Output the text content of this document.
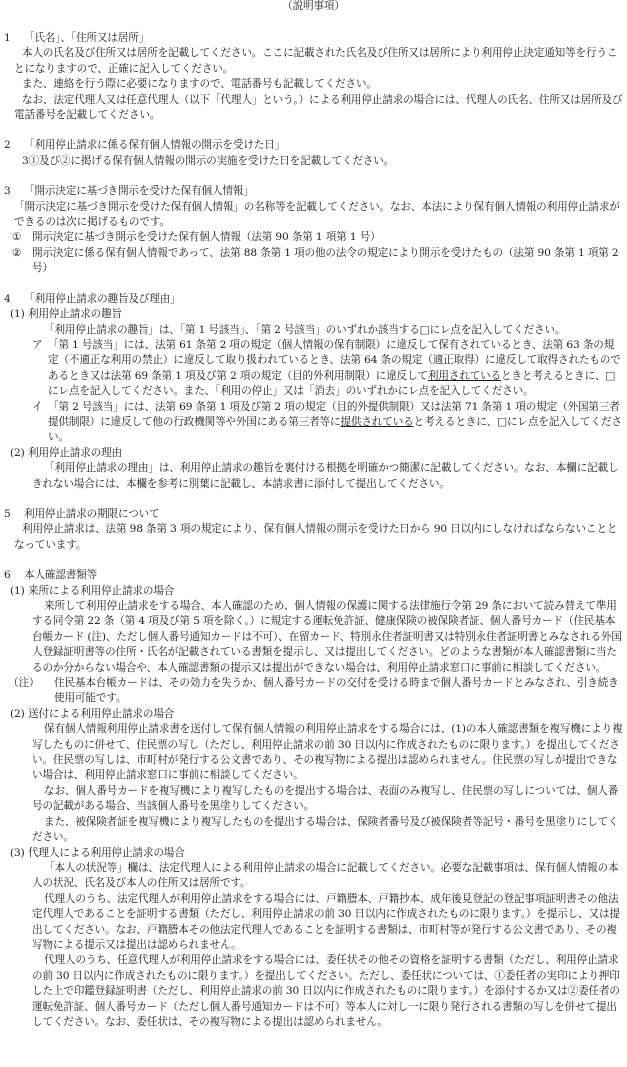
（説明事項）
1	「氏名」、「住所又は居所」
本人の氏名及び住所又は居所を記載してください。ここに記載された氏名及び住所又は居所により利用停止決定通知等を行うことになりますので、正確に記入してください。
また、連絡を行う際に必要になりますので、電話番号も記載してください。
なお、法定代理人又は任意代理人（以下「代理人」という。）による利用停止請求の場合には、代理人の氏名、住所又は居所及び電話番号を記載してください。
2	「利用停止請求に係る保有個人情報の開示を受けた日」
3①及び②に掲げる保有個人情報の開示の実施を受けた日を記載してください。
3	「開示決定に基づき開示を受けた保有個人情報」
「開示決定に基づき開示を受けた保有個人情報」の名称等を記載してください。なお、本法により保有個人情報の利用停止請求ができるのは次に掲げるものです。
①	開示決定に基づき開示を受けた保有個人情報（法第 90 条第 1 項第 1 号）
②	開示決定に係る保有個人情報であって、法第 88 条第 1 項の他の法令の規定により開示を受けたもの（法第 90 条第 1 項第 2 号）
4	「利用停止請求の趣旨及び理由」
(1) 利用停止請求の趣旨
「利用停止請求の趣旨」は、「第 1 号該当」、「第 2 号該当」のいずれか該当する□にレ点を記入してください。
ア 「第 1 号該当」には、法第 61 条第 2 項の規定（個人情報の保有制限）に違反して保有されているとき、法第 63 条の規定（不適正な利用の禁止）に違反して取り扱われているとき、法第 64 条の規定（適正取得）に違反して取得されたものであるとき又は法第 69 条第 1 項及び第 2 項の規定（目的外利用制限）に違反して利用されているときと考えるときに、□にレ点を記入してください。また、「利用の停止」又は「消去」のいずれかにレ点を記入してください。
イ 「第 2 号該当」には、法第 69 条第 1 項及び第 2 項の規定（目的外提供制限）又は法第 71 条第 1 項の規定（外国第三者提供制限）に違反して他の行政機関等や外国にある第三者等に提供されていると考えるときに、□にレ点を記入してください。
(2) 利用停止請求の理由
「利用停止請求の理由」は、利用停止請求の趣旨を裏付ける根拠を明確かつ簡潔に記載してください。なお、本欄に記載しきれない場合には、本欄を参考に別葉に記載し、本請求書に添付して提出してください。
5	利用停止請求の期限について
利用停止請求は、法第 98 条第 3 項の規定により、保有個人情報の開示を受けた日から 90 日以内にしなければならないこととなっています。
6	本人確認書類等
(1) 来所による利用停止請求の場合
来所して利用停止請求をする場合、本人確認のため、個人情報の保護に関する法律施行令第 29 条において読み替えて準用する同令第 22 条（第 4 項及び第 5 項を除く。）に規定する運転免許証、健康保険の被保険者証、個人番号カード（住民基本台帳カード (注)、ただし個人番号通知カードは不可）、在留カード、特別永住者証明書又は特別永住者証明書とみなされる外国人登録証明書等の住所・氏名が記載されている書類を提示し、又は提出してください。どのような書類が本人確認書類に当たるのか分からない場合や、本人確認書類の提示又は提出ができない場合は、利用停止請求窓口に事前に相談してください。
（注）	住民基本台帳カードは、その効力を失うか、個人番号カードの交付を受ける時まで個人番号カードとみなされ、引き続き使用可能です。
(2) 送付による利用停止請求の場合
保有個人情報利用停止請求書を送付して保有個人情報の利用停止請求をする場合には、(1)の本人確認書類を複写機により複写したものに併せて、住民票の写し（ただし、利用停止請求の前 30 日以内に作成されたものに限ります。）を提出してください。住民票の写しは、市町村が発行する公文書であり、その複写物による提出は認められません。住民票の写しが提出できない場合は、利用停止請求窓口に事前に相談してください。
なお、個人番号カードを複写機により複写したものを提出する場合は、表面のみ複写し、住民票の写しについては、個人番号の記載がある場合、当該個人番号を黒塗りしてください。
また、被保険者証を複写機により複写したものを提出する場合は、保険者番号及び被保険者等記号・番号を黒塗りにしてください。
(3) 代理人による利用停止請求の場合
「本人の状況等」欄は、法定代理人による利用停止請求の場合に記載してください。必要な記載事項は、保有個人情報の本人の状況、氏名及び本人の住所又は居所です。
代理人のうち、法定代理人が利用停止請求をする場合には、戸籍謄本、戸籍抄本、成年後見登記の登記事項証明書その他法定代理人であることを証明する書類（ただし、利用停止請求の前 30 日以内に作成されたものに限ります。）を提示し、又は提出してください。なお、戸籍謄本その他法定代理人であることを証明する書類は、市町村等が発行する公文書であり、その複写物による提示又は提出は認められません。
代理人のうち、任意代理人が利用停止請求をする場合には、委任状その他その資格を証明する書類（ただし、利用停止請求の前 30 日以内に作成されたものに限ります。）を提出してください。ただし、委任状については、①委任者の実印により押印した上で印鑑登録証明書（ただし、利用停止請求の前 30 日以内に作成されたものに限ります。）を添付するか又は②委任者の運転免許証、個人番号カード（ただし個人番号通知カードは不可）等本人に対し一に限り発行される書類の写しを併せて提出してください。なお、委任状は、その複写物による提出は認められません。
